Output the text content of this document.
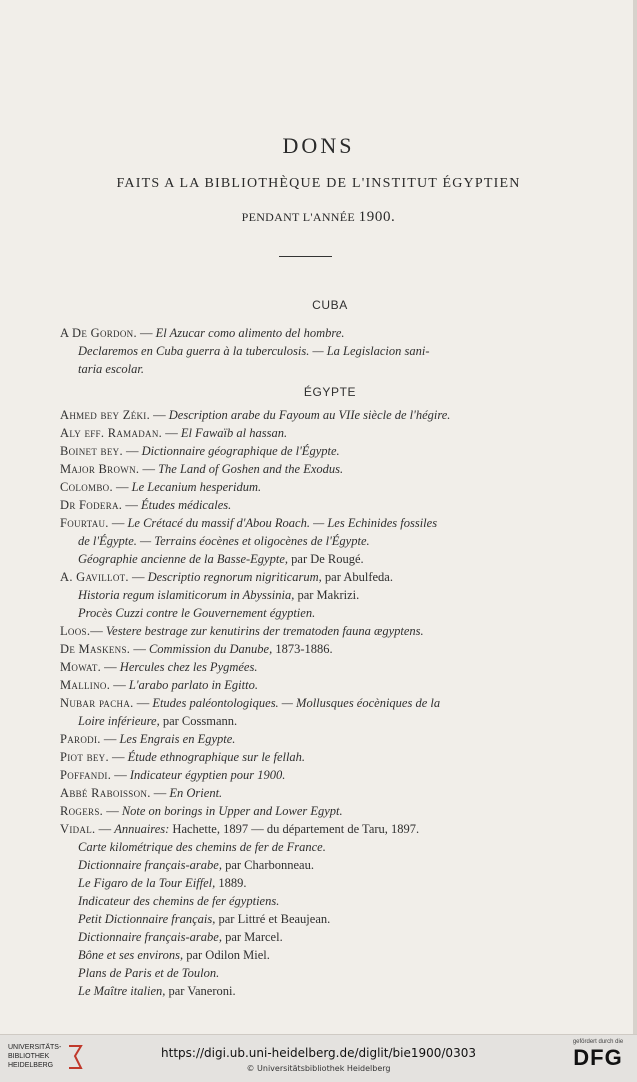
DONS
FAITS A LA BIBLIOTHÈQUE DE L'INSTITUT ÉGYPTIEN
PENDANT L'ANNÉE 1900.
CUBA
A De Gordon. — El Azucar como alimento del hombre.
Declaremos en Cuba guerra à la tuberculosis. — La Legislacion sani-
taria escolar.
ÉGYPTE
Ahmed bey Zéki. — Description arabe du Fayoum au VIIe siècle de l'hégire.
Aly eff. Ramadan. — El Fawaïb al hassan.
Boinet bey. — Dictionnaire géographique de l'Égypte.
Major Brown. — The Land of Goshen and the Exodus.
Colombo. — Le Lecanium hesperidum.
Dr Fodera. — Études médicales.
Fourtau. — Le Crétacé du massif d'Abou Roach. — Les Echinides fossiles
de l'Égypte. — Terrains éocènes et oligocènes de l'Égypte.
Géographie ancienne de la Basse-Egypte, par De Rougé.
A. Gavillot. — Descriptio regnorum nigriticarum, par Abulfeda.
Historia regum islamiticorum in Abyssinia, par Makrizi.
Procès Cuzzi contre le Gouvernement égyptien.
Loos.— Vestere bestrage zur kenutirins der trematoden fauna ægyptens.
De Maskens. — Commission du Danube, 1873-1886.
Mowat. — Hercules chez les Pygmées.
Mallino. — L'arabo parlato in Egitto.
Nubar pacha. — Etudes paléontologiques. — Mollusques éocèniques de la
Loire inférieure, par Cossmann.
Parodi. — Les Engrais en Egypte.
Piot bey. — Étude ethnographique sur le fellah.
Poffandi. — Indicateur égyptien pour 1900.
Abbé Raboisson. — En Orient.
Rogers. — Note on borings in Upper and Lower Egypt.
Vidal. — Annuaires: Hachette, 1897 — du département de Taru, 1897.
Carte kilométrique des chemins de fer de France.
Dictionnaire français-arabe, par Charbonneau.
Le Figaro de la Tour Eiffel, 1889.
Indicateur des chemins de fer égyptiens.
Petit Dictionnaire français, par Littré et Beaujean.
Dictionnaire français-arabe, par Marcel.
Bône et ses environs, par Odilon Miel.
Plans de Paris et de Toulon.
Le Maître italien, par Vaneroni.
UNIVERSITÄTS-
BIBLIOTHEK
HEIDELBERG
https://digi.ub.uni-heidelberg.de/diglit/bie1900/0303
© Universitätsbibliothek Heidelberg
gefördert durch die
DFG
